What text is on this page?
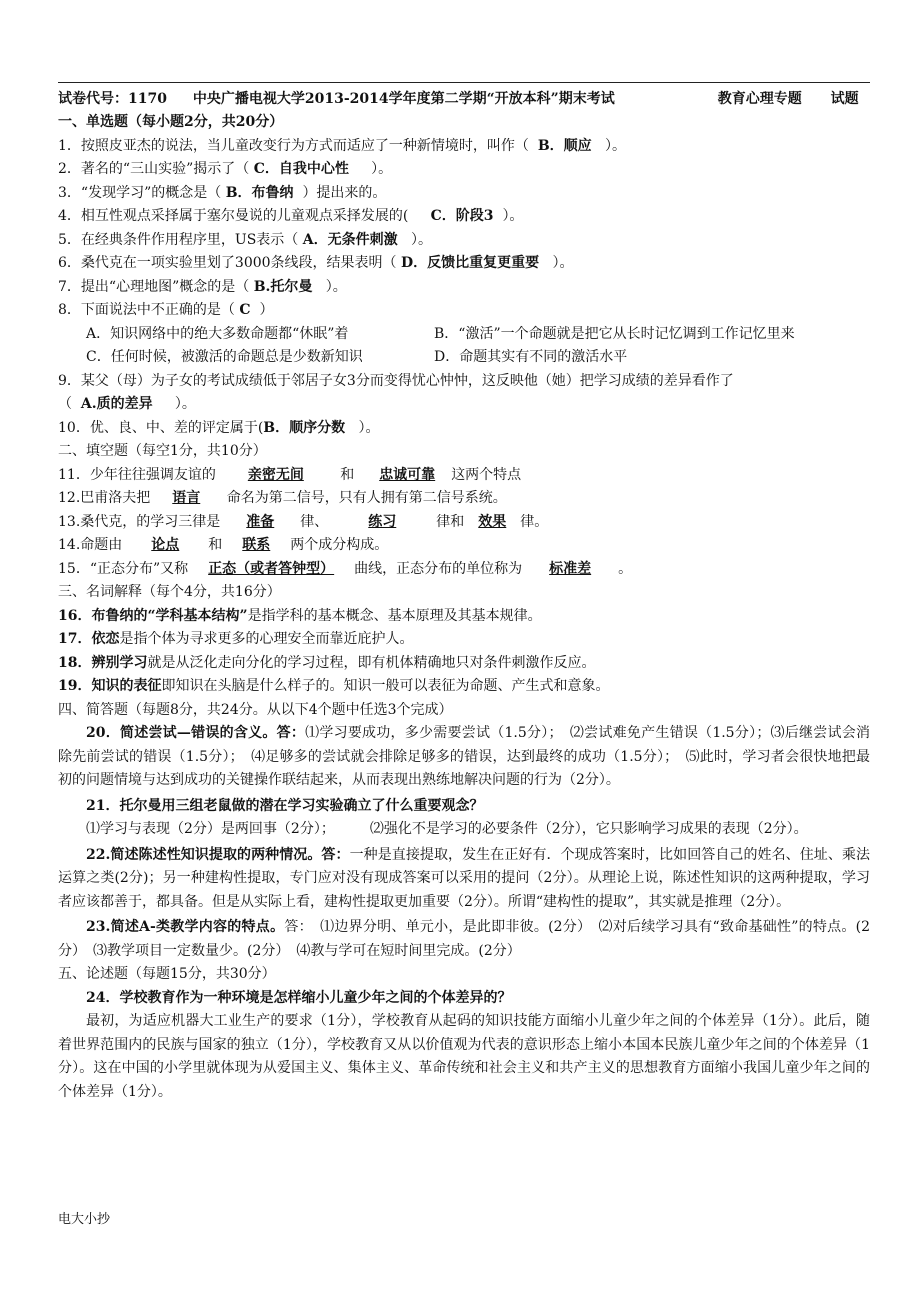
试卷代号：1170 中央广播电视大学2013-2014学年度第二学期“开放本科”期末考试	教育心理专题 试题
一、单选题（每小题2分，共20分）
1．按照皮亚杰的说法，当儿童改变行为方式而适应了一种新情境时，叫作（ B．顺应 ）。
2．著名的“三山实验”揭示了（ C．自我中心性 ）。
3．“发现学习”的概念是（ B．布鲁纳 ）提出来的。
4．相互性观点采择属于塞尔曼说的儿童观点采择发展的( C．阶段3 ）。
5．在经典条件作用程序里，US表示（ A．无条件刺激 ）。
6．桑代克在一项实验里划了3000条线段，结果表明（ D．反馈比重复更重要 ）。
7．提出“心理地图”概念的是（ B.托尔曼 ）。
8．下面说法中不正确的是（ C ）
A．知识网络中的绝大多数命题都“休眠”着	B．“激活”一个命题就是把它从长时记忆调到工作记忆里来
C．任何时候，被激活的命题总是少数新知识	D．命题其实有不同的激活水平
9．某父（母）为子女的考试成绩低于邻居子女3分而变得忧心忡忡，这反映他（她）把学习成绩的差异看作了
（ A.质的差异 ）。
10．优、良、中、差的评定属于(B．顺序分数 ）。
二、填空题（每空1分，共10分）
11．少年往往强调友谊的 亲密无间	和 忠诚可靠 这两个特点
12.巴甫洛夫把 语言 命名为第二信号，只有人拥有第二信号系统。
13.桑代克，的学习三律是 准备 律、	练习	律和 效果 律。
14.命题由 论点 和 联系 两个成分构成。
15．“正态分布”又称 正态（或者答钟型） 曲线，正态分布的单位称为 标准差 。
三、名词解释（每个4分，共16分）
16．布鲁纳的“学科基本结构”是指学科的基本概念、基本原理及其基本规律。
17．依恋是指个体为寻求更多的心理安全而靠近庇护人。
18．辨别学习就是从泛化走向分化的学习过程，即有机体精确地只对条件刺激作反应。
19．知识的表征即知识在头脑是什么样子的。知识一般可以表征为命题、产生式和意象。
四、简答题（每题8分，共24分。从以下4个题中任选3个完成）
20．简述尝试—错误的含义。答：⑴学习要成功，多少需要尝试（1.5分）；　⑵尝试难免产生错误（1.5分）；⑶后继尝试会消除先前尝试的错误（1.5分）；　⑷足够多的尝试就会排除足够多的错误，达到最终的成功（1.5分）；　⑸此时，学习者会很快地把最初的问题情境与达到成功的关键操作联结起来，从而表现出熟练地解决问题的行为（2分）。
21．托尔曼用三组老鼠做的潜在学习实验确立了什么重要观念？
⑴学习与表现（2分）是两回事（2分）；　　　⑵强化不是学习的必要条件（2分），它只影响学习成果的表现（2分）。
22.简述陈述性知识提取的两种情况。答：一种是直接提取，发生在正好有．个现成答案时，比如回答自己的姓名、住址、乘法运算之类(2分)；另一种建构性提取，专门应对没有现成答案可以采用的提问（2分）。从理论上说，陈述性知识的这两种提取，学习者应该都善于，都具备。但是从实际上看，建构性提取更加重要（2分）。所谓“建构性的提取”，其实就是推理（2分）。
23.简述A-类教学内容的特点。答：　⑴边界分明、单元小，是此即非彼。(2分）　⑵对后续学习具有“致命基础性”的特点。(2分）　⑶教学项目一定数量少。(2分）　⑷教与学可在短时间里完成。(2分）
五、论述题（每题15分，共30分）
24．学校教育作为一种环境是怎样缩小儿童少年之间的个体差异的？
最初，为适应机器大工业生产的要求（1分），学校教育从起码的知识技能方面缩小儿童少年之间的个体差异（1分）。此后，随着世界范围内的民族与国家的独立（1分），学校教育又从以价值观为代表的意识形态上缩小本国本民族儿童少年之间的个体差异（1分）。这在中国的小学里就体现为从爱国主义、集体主义、革命传统和社会主义和共产主义的思想教育方面缩小我国儿童少年之间的个体差异（1分）。
电大小抄
